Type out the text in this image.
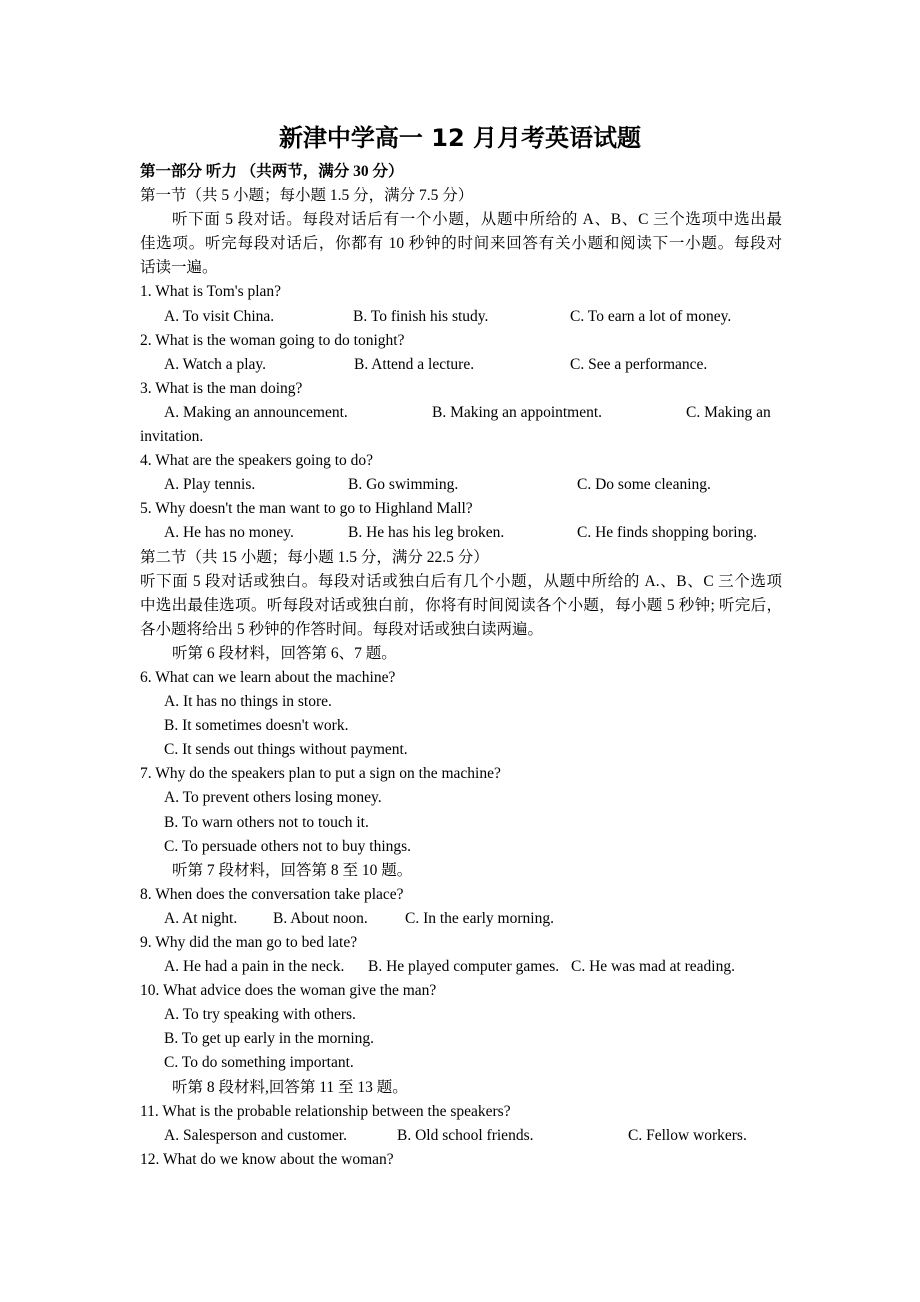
新津中学高一 12 月月考英语试题
第一部分 听力 （共两节，满分 30 分）
第一节（共 5 小题；每小题 1.5 分，满分 7.5 分）
听下面 5 段对话。每段对话后有一个小题，从题中所给的 A、B、C 三个选项中选出最
佳选项。听完每段对话后，你都有 10 秒钟的时间来回答有关小题和阅读下一小题。每段对
话读一遍。
1. What is Tom's plan?
A. To visit China.	B. To finish his study.	C. To earn a lot of money.
2. What is the woman going to do tonight?
A. Watch a play.	B. Attend a lecture.	C. See a performance.
3. What is the man doing?
A. Making an announcement.	B. Making an appointment.	C. Making an
invitation.
4. What are the speakers going to do?
A. Play tennis.	B. Go swimming.	C. Do some cleaning.
5. Why doesn't the man want to go to Highland Mall?
A. He has no money.	B. He has his leg broken.	C. He finds shopping boring.
第二节（共 15 小题；每小题 1.5 分，满分 22.5 分）
听下面 5 段对话或独白。每段对话或独白后有几个小题，从题中所给的 A.、B、C 三个选项
中选出最佳选项。听每段对话或独白前，你将有时间阅读各个小题，每小题 5 秒钟; 听完后，
各小题将给出 5 秒钟的作答时间。每段对话或独白读两遍。
听第 6 段材料，回答第 6、7 题。
6. What can we learn about the machine?
A. It has no things in store.
B. It sometimes doesn't work.
C. It sends out things without payment.
7. Why do the speakers plan to put a sign on the machine?
A. To prevent others losing money.
B. To warn others not to touch it.
C. To persuade others not to buy things.
听第 7 段材料，回答第 8 至 10 题。
8. When does the conversation take place?
A. At night. B. About noon. C. In the early morning.
9. Why did the man go to bed late?
A. He had a pain in the neck. B. He played computer games. C. He was mad at reading.
10. What advice does the woman give the man?
A. To try speaking with others.
B. To get up early in the morning.
C. To do something important.
听第 8 段材料,回答第 11 至 13 题。
11. What is the probable relationship between the speakers?
A. Salesperson and customer.	B. Old school friends.	C. Fellow workers.
12. What do we know about the woman?
